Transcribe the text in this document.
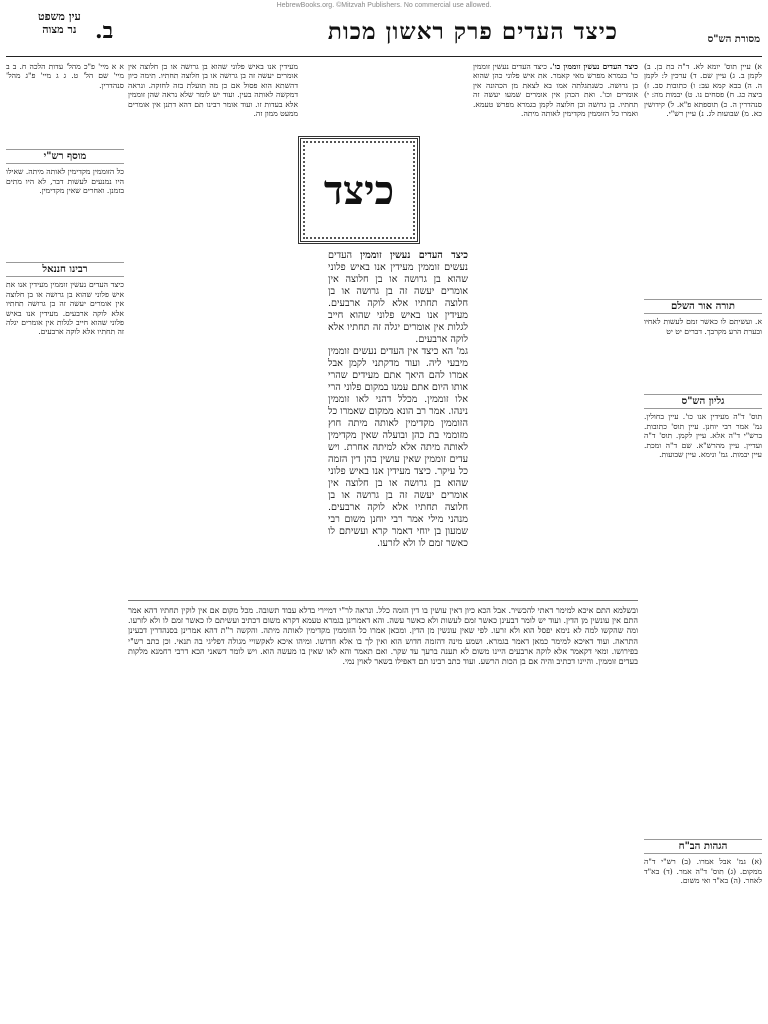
HebrewBooks.org. ©Mitzvah Publishers. No commercial use allowed.
מסורת הש"ס
כיצד העדים פרק ראשון מכות
ב.
עין משפט
נר מצוה

א) עיין תוס' יומא לא. ד"ה בת בן. ב) לקמן ב. ג) עיין שם. ד) ערכין ל: לקמן ה. ה) בבא קמא עב: ו) כתובות סב. ז) ביצה כג. ח) פסחים נו. ט) יבמות מה: י) סנהדרין ה. כ) תוספתא פ"א. ל) קידושין כא. מ) שבועות לג. נ) עיין רש"י.

תורה אור השלם

א. ועשיתם לו כאשר זמם לעשות לאחיו ובערת הרע מקרבך. דברים יט יט

גליון הש"ס

תוס' ד"ה מעידין אנו כו'. עיין בחולין. גמ' אמר רבי יוחנן. עיין תוס' כתובות. ברש"י ד"ה אלא. עיין לקמן. תוס' ד"ה ועדיין. עיין מהרש"א. שם ד"ה ומכת. עיין יבמות. גמ' ונימא. עיין שבועות.

הגהות הב"ח

(א) גמ' אבל אמרו. (ב) רש"י ד"ה ממקום. (ג) תוס' ד"ה אמר. (ד) בא"ד לאחר. (ה) בא"ד ואי משום.

כיצד העדים נעשין זוממין כו'. כיצד העדים נעשין זוממין כו' בגמרא מפרש מאי קאמר. את איש פלוני כהן שהוא בן גרושה. כשנתגלתה אמו בא לצאת מן הכהונה אין אומרים וכו'. ואת הכהן אין אומרים שמעו יעשה זה תחתיו. בן גרושה ובן חלוצה לקמן בגמרא מפרש טעמא. ואמרו כל הזוממין מקדימין לאותה מיתה.

כיצד

כיצד העדים נעשין זוממין העדים נעשים זוממין מעידין אנו באיש פלוני שהוא בן גרושה או בן חלוצה אין אומרים יעשה זה בן גרושה או בן חלוצה תחתיו אלא לוקה ארבעים. מעידין אנו באיש פלוני שהוא חייב לגלות אין אומרים יגלה זה תחתיו אלא לוקה ארבעים.

גמ' הא כיצד אין העדים נעשים זוממין מיבעי ליה. ועוד מדקתני לקמן אבל אמרו להם היאך אתם מעידים שהרי אותו היום אתם עמנו במקום פלוני הרי אלו זוממין. מכלל דהני לאו זוממין נינהו. אמר רב הונא ממקום שאמרו כל הזוממין מקדימין לאותה מיתה חוץ מזוממי בת כהן ובועלה שאין מקדימין לאותה מיתה אלא למיתה אחרת. ויש עדים זוממין שאין עושין בהן דין הזמה כל עיקר. כיצד מעידין אנו באיש פלוני שהוא בן גרושה או בן חלוצה אין אומרים יעשה זה בן גרושה או בן חלוצה תחתיו אלא לוקה ארבעים. מנהני מילי אמר רבי יוחנן משום רבי שמעון בן יוחי דאמר קרא ועשיתם לו כאשר זמם לו ולא לזרעו.

מעידין אנו באיש פלוני שהוא בן גרושה או בן חלוצה אין אומרים יעשה זה בן גרושה או בן חלוצה תחתיו. תימה כיון דהשתא הוא פסול אם כן מה תועלת בזה לחזקה. ונראה דמקשה לאותה בעין. ועוד יש לומר שלא נראה שהן זוממין אלא בעדות זו. ועוד אומר רבינו תם דהא דתנן אין אומרים ממעט ממון זה.

א א מיי' פ"כ מהל' עדות הלכה ח. ב ב מיי' שם הל' ט. ג ג מיי' פ"ג מהל' סנהדרין.

מוסף רש"י

כל הזוממין מקדימין לאותה מיתה. שאילו היו נמנעים לעשות דבר, לא היו מתים בזמנן. ואחרים שאין מקדימין.

רבינו חננאל

כיצד העדים נעשין זוממין מעידין אנו את איש פלוני שהוא בן גרושה או בן חלוצה אין אומרים יעשה זה בן גרושה תחתיו אלא לוקה ארבעים. מעידין אנו באיש פלוני שהוא חייב לגלות אין אומרים יגלה זה תחתיו אלא לוקה ארבעים.

ובשלמא התם איכא למימר דאתי להכשיר. אבל הכא כיון דאין עושין בו דין הזמה כלל. ונראה לר"י דמיירי בדלא עבוד תשובה. מכל מקום אם אין לוקין תחתיו דהא אמר התם אין עונשין מן הדין. ועוד יש לומר דבעינן כאשר זמם לעשות ולא כאשר עשה. והא דאמרינן בגמרא טעמא דקרא משום דכתיב ועשיתם לו כאשר זמם לו ולא לזרעו. ומה שהקשו למה לא נימא יפסל הוא ולא זרעו. לפי שאין עונשין מן הדין. ומכאן אמרו כל הזוממין מקדימין לאותה מיתה. והקשה ר"ת דהא אמרינן בסנהדרין דבעינן התראה. ועוד דאיכא למימר כמאן דאמר בגמרא. ושמע מינה דהזמה חדוש הוא ואין לך בו אלא חדושו. ומיהו איכא לאקשויי מגולה דפליגי בה תנאי. וכן כתב רש"י בפירושו. ומאי דקאמר אלא לוקה ארבעים היינו משום לא תענה ברעך עד שקר. ואם תאמר והא לאו שאין בו מעשה הוא. ויש לומר דשאני הכא דרבי רחמנא מלקות בעדים זוממין. והיינו דכתיב והיה אם בן הכות הרשע. ועוד כתב רבינו תם דאפילו בשאר לאוין נמי.
